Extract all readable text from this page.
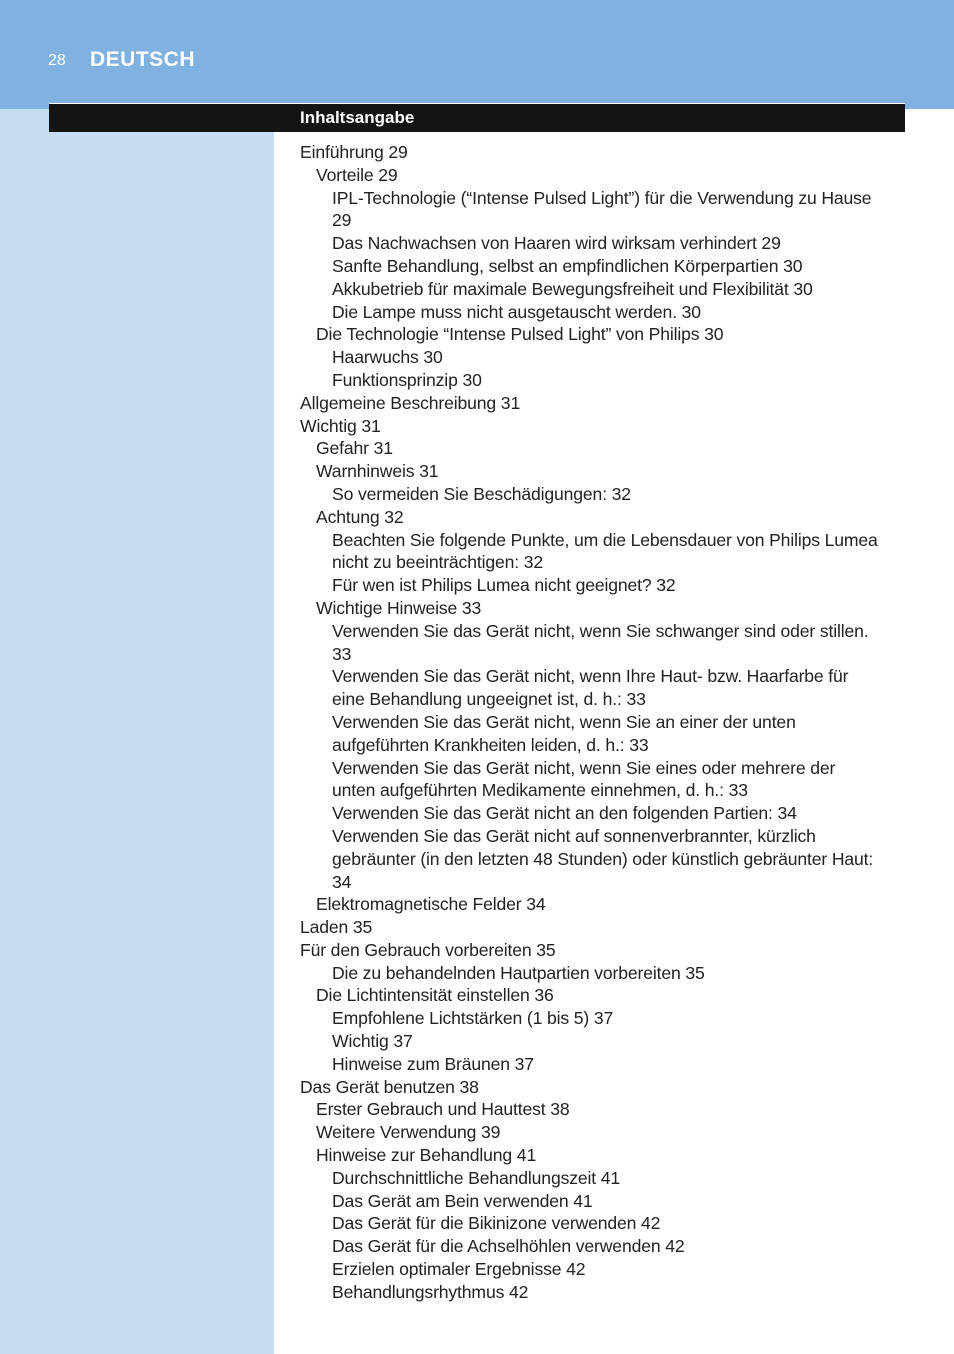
28 DEUTSCH
Inhaltsangabe
Einführung 29
Vorteile 29
IPL-Technologie (“Intense Pulsed Light”) für die Verwendung zu Hause
29
Das Nachwachsen von Haaren wird wirksam verhindert 29
Sanfte Behandlung, selbst an empfindlichen Körperpartien 30
Akkubetrieb für maximale Bewegungsfreiheit und Flexibilität 30
Die Lampe muss nicht ausgetauscht werden. 30
Die Technologie “Intense Pulsed Light” von Philips 30
Haarwuchs 30
Funktionsprinzip 30
Allgemeine Beschreibung 31
Wichtig 31
Gefahr 31
Warnhinweis 31
So vermeiden Sie Beschädigungen: 32
Achtung 32
Beachten Sie folgende Punkte, um die Lebensdauer von Philips Lumea
nicht zu beeinträchtigen: 32
Für wen ist Philips Lumea nicht geeignet? 32
Wichtige Hinweise 33
Verwenden Sie das Gerät nicht, wenn Sie schwanger sind oder stillen.
33
Verwenden Sie das Gerät nicht, wenn Ihre Haut- bzw. Haarfarbe für
eine Behandlung ungeeignet ist, d. h.: 33
Verwenden Sie das Gerät nicht, wenn Sie an einer der unten
aufgeführten Krankheiten leiden, d. h.: 33
Verwenden Sie das Gerät nicht, wenn Sie eines oder mehrere der
unten aufgeführten Medikamente einnehmen, d. h.: 33
Verwenden Sie das Gerät nicht an den folgenden Partien: 34
Verwenden Sie das Gerät nicht auf sonnenverbrannter, kürzlich
gebräunter (in den letzten 48 Stunden) oder künstlich gebräunter Haut:
34
Elektromagnetische Felder 34
Laden 35
Für den Gebrauch vorbereiten 35
Die zu behandelnden Hautpartien vorbereiten 35
Die Lichtintensität einstellen 36
Empfohlene Lichtstärken (1 bis 5) 37
Wichtig 37
Hinweise zum Bräunen 37
Das Gerät benutzen 38
Erster Gebrauch und Hauttest 38
Weitere Verwendung 39
Hinweise zur Behandlung 41
Durchschnittliche Behandlungszeit 41
Das Gerät am Bein verwenden 41
Das Gerät für die Bikinizone verwenden 42
Das Gerät für die Achselhöhlen verwenden 42
Erzielen optimaler Ergebnisse 42
Behandlungsrhythmus 42
